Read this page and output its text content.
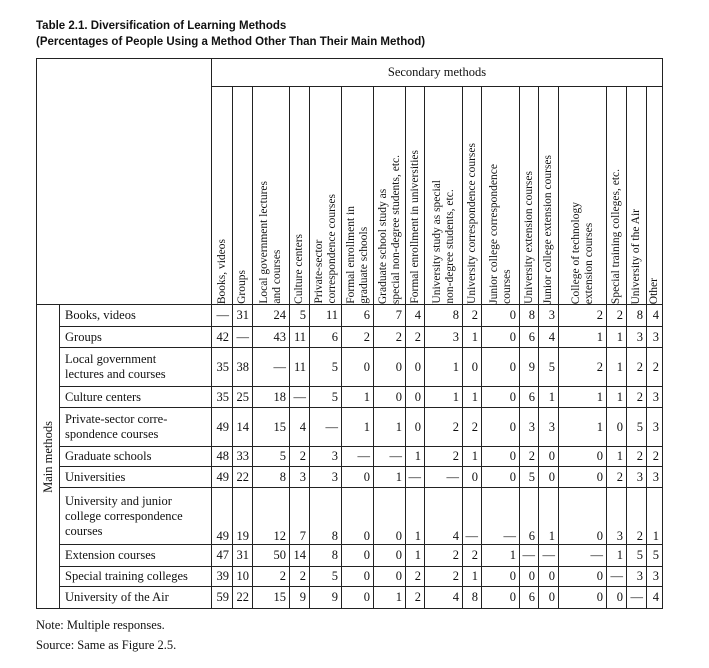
Table 2.1. Diversification of Learning Methods
(Percentages of People Using a Method Other Than Their Main Method)
		Secondary methods																

		Books, videos	Groups	Local government lectures
and courses	Culture centers	Private-sector
correspondence courses	Formal enrollment in
graduate schools	Graduate school study as
special non-degree students, etc.	Formal enrollment in universities	University study as special
non-degree students, etc.	University correspondence courses	Junior college correspondence
courses	University extension courses	Junior college extension courses	College of technology
extension courses	Special training colleges, etc.	University of the Air	Other

Main methods	Books, videos	—	31	24	5	11	6	7	4	8	2	0	8	3	2	2	8	4

	Groups	42	—	43	11	6	2	2	2	3	1	0	6	4	1	1	3	3

	Local government
lectures and courses	35	38	—	11	5	0	0	0	1	0	0	9	5	2	1	2	2

	Culture centers	35	25	18	—	5	1	0	0	1	1	0	6	1	1	1	2	3

	Private-sector corre-
spondence courses	49	14	15	4	—	1	1	0	2	2	0	3	3	1	0	5	3

	Graduate schools	48	33	5	2	3	—	—	1	2	1	0	2	0	0	1	2	2

	Universities	49	22	8	3	3	0	1	—	—	0	0	5	0	0	2	3	3

	University and junior
college correspondence
courses	49	19	12	7	8	0	0	1	4	—	—	6	1	0	3	2	1

	Extension courses	47	31	50	14	8	0	0	1	2	2	1	—	—	—	1	5	5

	Special training colleges	39	10	2	2	5	0	0	2	2	1	0	0	0	0	—	3	3

	University of the Air	59	22	15	9	9	0	1	2	4	8	0	6	0	0	0	—	4
Note: Multiple responses.
Source: Same as Figure 2.5.
